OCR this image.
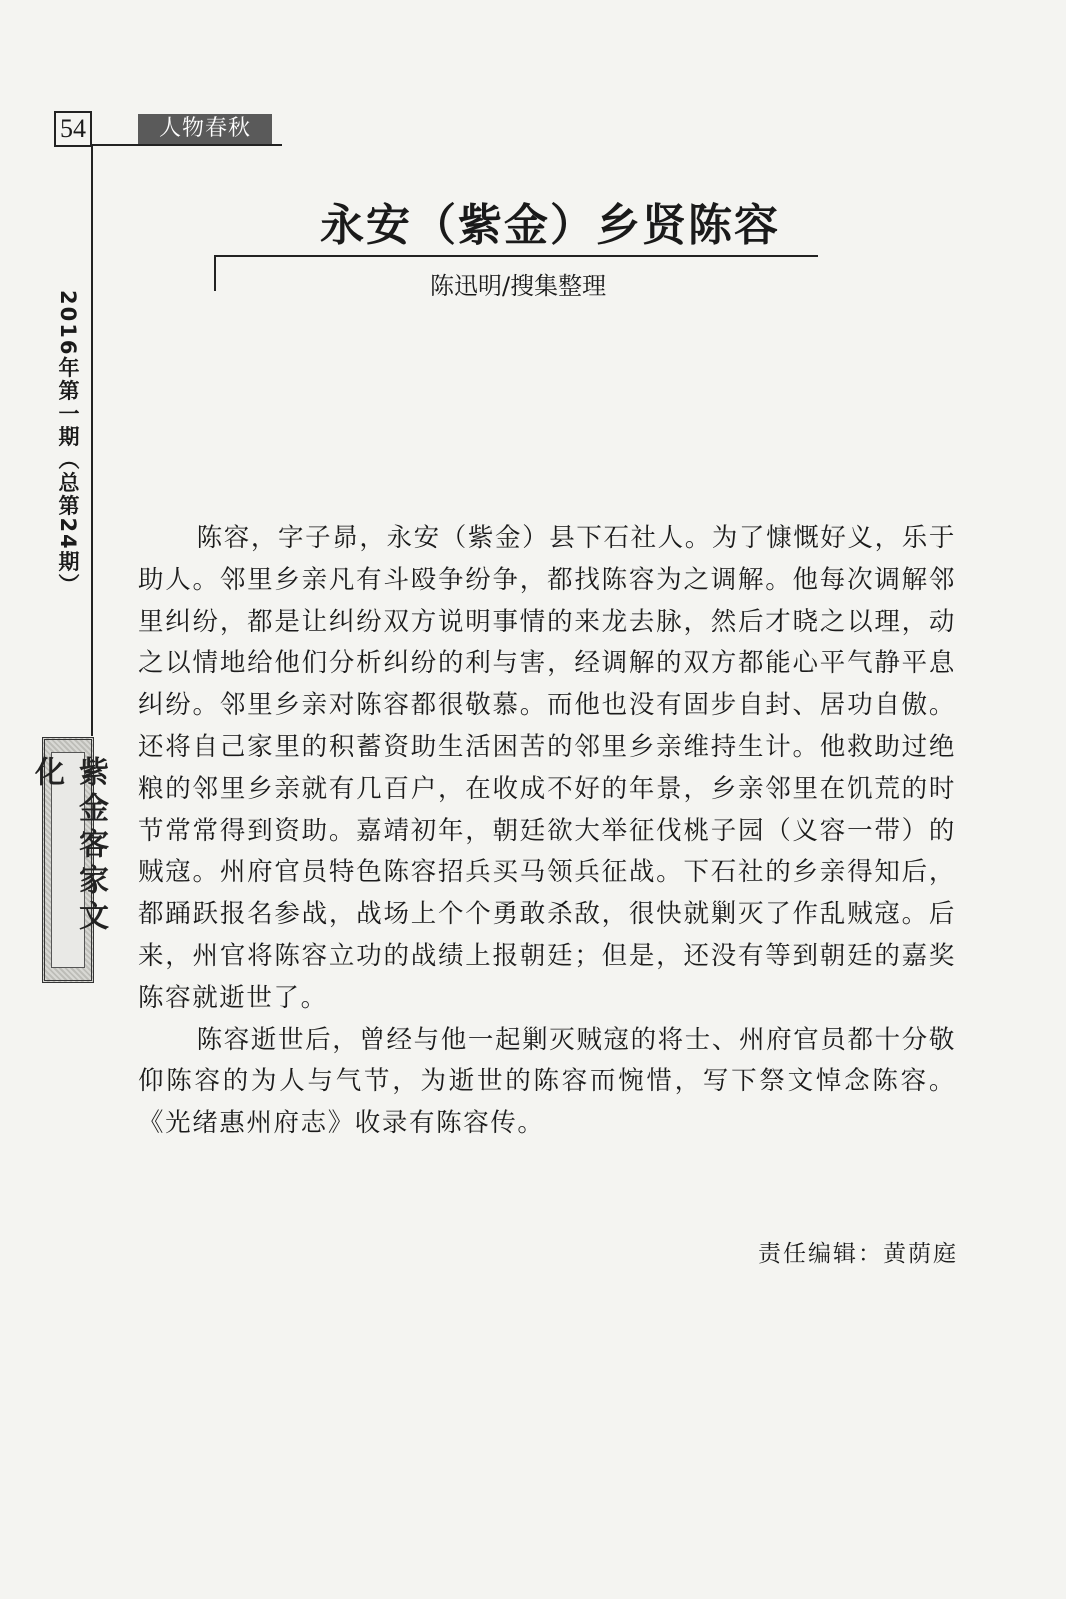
54	人物春秋
2016年第一期（总第24期）
紫金客家文化
永安（紫金）乡贤陈容
陈迅明/搜集整理

陈容，字子昴，永安（紫金）县下石社人。为了慷慨好义，乐于助人。邻里乡亲凡有斗殴争纷争，都找陈容为之调解。他每次调解邻里纠纷，都是让纠纷双方说明事情的来龙去脉，然后才晓之以理，动之以情地给他们分析纠纷的利与害，经调解的双方都能心平气静平息纠纷。邻里乡亲对陈容都很敬慕。而他也没有固步自封、居功自傲。还将自己家里的积蓄资助生活困苦的邻里乡亲维持生计。他救助过绝粮的邻里乡亲就有几百户，在收成不好的年景，乡亲邻里在饥荒的时节常常得到资助。嘉靖初年，朝廷欲大举征伐桃子园（义容一带）的贼寇。州府官员特色陈容招兵买马领兵征战。下石社的乡亲得知后，都踊跃报名参战，战场上个个勇敢杀敌，很快就剿灭了作乱贼寇。后来，州官将陈容立功的战绩上报朝廷；但是，还没有等到朝廷的嘉奖陈容就逝世了。

陈容逝世后，曾经与他一起剿灭贼寇的将士、州府官员都十分敬仰陈容的为人与气节，为逝世的陈容而惋惜，写下祭文悼念陈容。《光绪惠州府志》收录有陈容传。

责任编辑：黄荫庭
